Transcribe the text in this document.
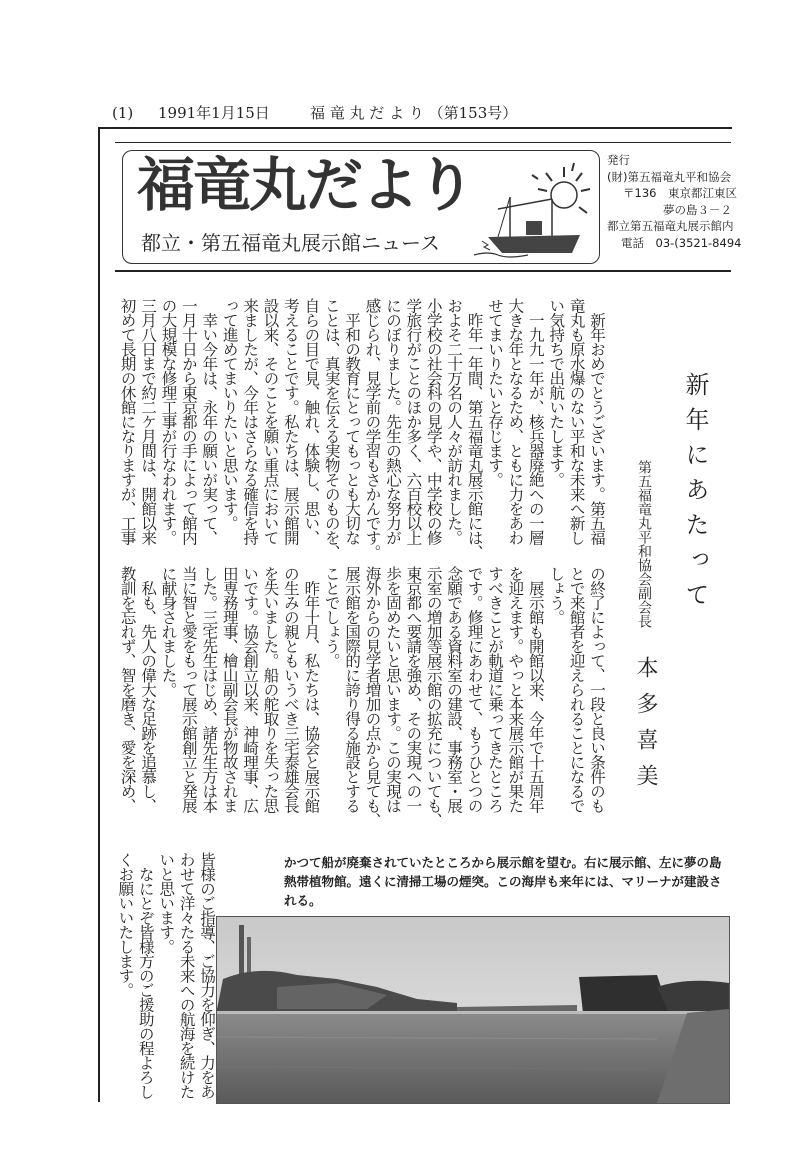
(1) 1991年1月15日	福 竜 丸 だ よ り （第153号）
福竜丸だより
都立・第五福竜丸展示館ニュース
発行
(財)第五福竜丸平和協会
〒136　東京都江東区
夢の島３－２
都立第五福竜丸展示館内
電話　03-(3521-8494
新年にあたって
第五福竜丸平和協会副会長
本多喜美
　新年おめでとうございます。第五福
竜丸も原水爆のない平和な未来へ新し
い気持ちで出航いたします。
　一九九一年が、核兵器廃絶への一層
大きな年となるため、ともに力をあわ
せてまいりたいと存じます。
　昨年一年間、第五福竜丸展示館には、
およそ二十万名の人々が訪れました。
小学校の社会科の見学や、中学校の修
学旅行がことのほか多く、六百校以上
にのぼりました。先生の熱心な努力が
感じられ、見学前の学習もさかんです。
　平和の教育にとってもっとも大切な
ことは、真実を伝える実物そのものを、
自らの目で見、触れ、体験し、思い、
考えることです。私たちは、展示館開
設以来、そのことを願い重点において
来ましたが、今年はさらなる確信を持
って進めてまいりたいと思います。
　幸い今年は、永年の願いが実って、
一月十日から東京都の手によって館内
の大規模な修理工事が行なわれます。
三月八日まで約二ケ月間は、開館以来
初めて長期の休館になりますが、工事
の終了によって、一段と良い条件のも
とで来館者を迎えられることになるで
しょう。
　展示館も開館以来、今年で十五周年
を迎えます。やっと本来展示館が果た
すべきことが軌道に乗ってきたところ
です。修理にあわせて、もうひとつの
念願である資料室の建設、事務室・展
示室の増加等展示館の拡充についても、
東京都へ要請を強め、その実現への一
歩を固めたいと思います。この実現は
海外からの見学者増加の点から見ても、
展示館を国際的に誇り得る施設とする
ことでしょう。
　昨年十月、私たちは、協会と展示館
の生みの親ともいうべき三宅泰雄会長
を失いました。船の舵取りを失った思
いです。協会創立以来、神崎理事、広
田専務理事、檜山副会長が物故されま
した。三宅先生はじめ、諸先生方は本
当に智と愛をもって展示館創立と発展
に献身されました。
　私も、先人の偉大な足跡を追慕し、
教訓を忘れず、智を磨き、愛を深め、
皆様のご指導、ご協力を仰ぎ、力をあ
わせて洋々たる未来への航海を続けた
いと思います。
　なにとぞ皆様方のご援助の程よろし
くお願いいたします。	かつて船が廃棄されていたところから展示館を望む。右に展示館、左に夢の島熱帯植物館。遠くに清掃工場の煙突。この海岸も来年には、マリーナが建設される。
